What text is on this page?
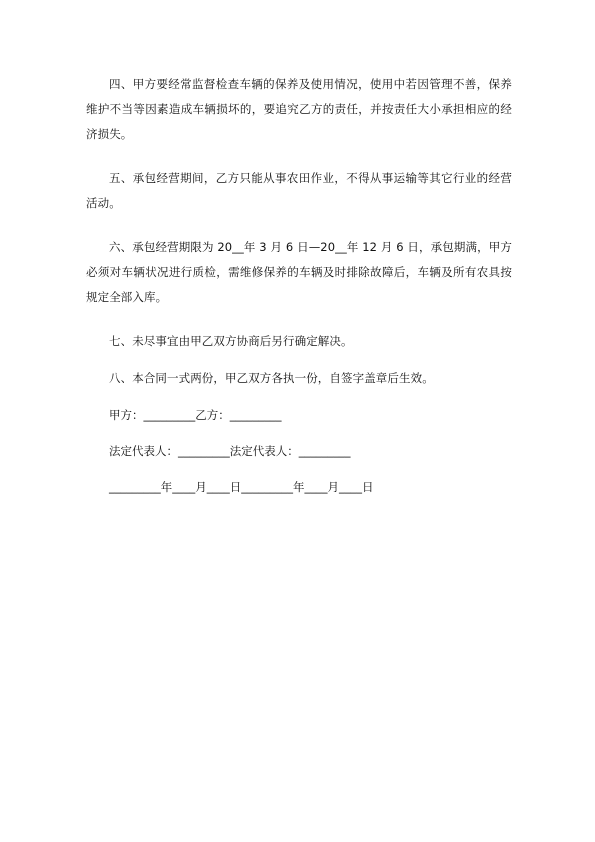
四、甲方要经常监督检查车辆的保养及使用情况，使用中若因管理不善，保养维护不当等因素造成车辆损坏的，要追究乙方的责任，并按责任大小承担相应的经济损失。

五、承包经营期间，乙方只能从事农田作业，不得从事运输等其它行业的经营活动。

六、承包经营期限为 20__年 3 月 6 日—20__年 12 月 6 日，承包期满，甲方必须对车辆状况进行质检，需维修保养的车辆及时排除故障后，车辆及所有农具按规定全部入库。

七、未尽事宜由甲乙双方协商后另行确定解决。

八、本合同一式两份，甲乙双方各执一份，自签字盖章后生效。

甲方：_________乙方：_________

法定代表人：_________法定代表人：_________

_________年____月____日_________年____月____日
